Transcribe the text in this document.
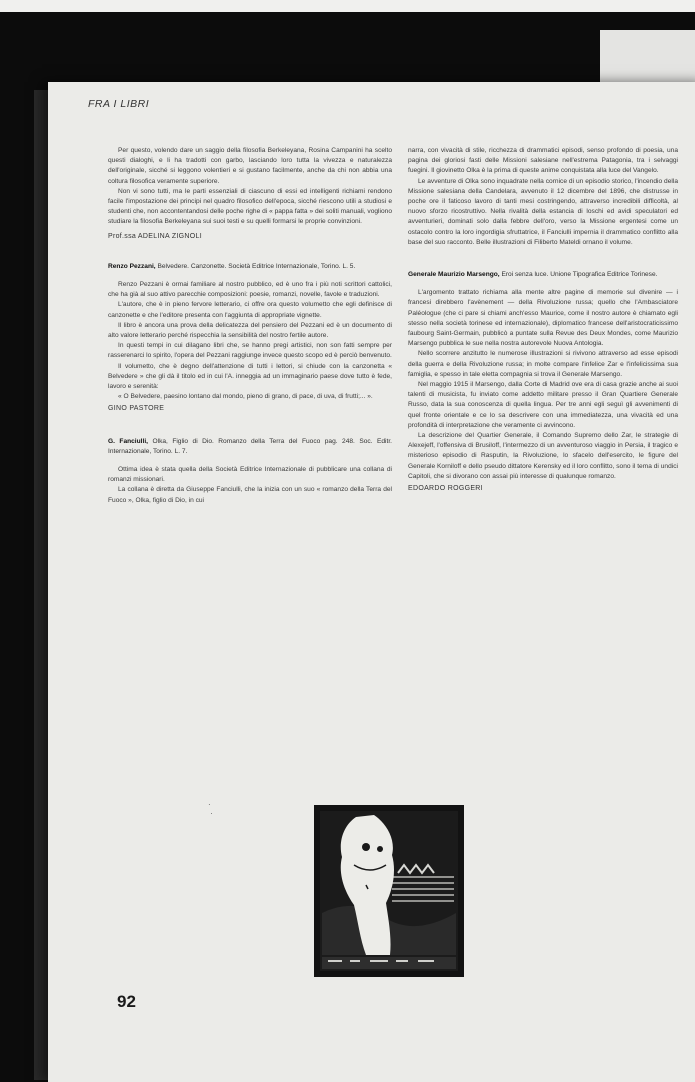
FRA I LIBRI

Per questo, volendo dare un saggio della filosofia Berkeleyana, Rosina Campanini ha scelto questi dialoghi, e li ha tradotti con garbo, lasciando loro tutta la vivezza e naturalezza dell'originale, sicché si leggono volentieri e si gustano facilmente, anche da chi non abbia una coltura filosofica veramente superiore.

Non vi sono tutti, ma le parti essenziali di ciascuno di essi ed intelligenti richiami rendono facile l'impostazione dei principi nel quadro filosofico dell'epoca, sicché riescono utili a studiosi e studenti che, non accontentandosi delle poche righe di « pappa fatta » dei soliti manuali, vogliono studiare la filosofia Berkeleyana sui suoi testi e su quelli formarsi le proprie convinzioni.

Prof.ssa ADELINA ZIGNOLI

Renzo Pezzani, Belvedere. Canzonette. Società Editrice Internazionale, Torino. L. 5.

Renzo Pezzani è ormai familiare al nostro pubblico, ed è uno fra i più noti scrittori cattolici, che ha già al suo attivo parecchie composizioni: poesie, romanzi, novelle, favole e traduzioni.

L'autore, che è in pieno fervore letterario, ci offre ora questo volumetto che egli definisce di canzonette e che l'editore presenta con l'aggiunta di appropriate vignette.

Il libro è ancora una prova della delicatezza del pensiero del Pezzani ed è un documento di alto valore letterario perché rispecchia la sensibilità del nostro fertile autore.

In questi tempi in cui dilagano libri che, se hanno pregi artistici, non son fatti sempre per rasserenarci lo spirito, l'opera del Pezzani raggiunge invece questo scopo ed è perciò benvenuto.

Il volumetto, che è degno dell'attenzione di tutti i lettori, si chiude con la canzonetta « Belvedere » che gli dà il titolo ed in cui l'A. inneggia ad un immaginario paese dove tutto è fede, lavoro e serenità:

« O Belvedere, paesino lontano dal mondo, pieno di grano, di pace, di uva, di frutti;... ».

GINO PASTORE

G. Fanciulli, Olka, Figlio di Dio. Romanzo della Terra del Fuoco pag. 248. Soc. Editr. Internazionale, Torino. L. 7.

Ottima idea è stata quella della Società Editrice Internazionale di pubblicare una collana di romanzi missionari.

La collana è diretta da Giuseppe Fanciulli, che la inizia con un suo « romanzo della Terra del Fuoco », Olka, figlio di Dio, in cui

narra, con vivacità di stile, ricchezza di drammatici episodi, senso profondo di poesia, una pagina dei gloriosi fasti delle Missioni salesiane nell'estrema Patagonia, tra i selvaggi fuegini. Il giovinetto Olka è la prima di queste anime conquistata alla luce del Vangelo.

Le avventure di Olka sono inquadrate nella cornice di un episodio storico, l'incendio della Missione salesiana della Candelara, avvenuto il 12 dicembre del 1896, che distrusse in poche ore il faticoso lavoro di tanti mesi costringendo, attraverso incredibili difficoltà, al nuovo sforzo ricostruttivo. Nella rivalità della estancia di loschi ed avidi speculatori ed avventurieri, dominati solo dalla febbre dell'oro, verso la Missione ergentesi come un ostacolo contro la loro ingordigia sfruttatrice, il Fanciulli impernia il drammatico conflitto alla base del suo racconto. Belle illustrazioni di Filiberto Mateldi ornano il volume.

Generale Maurizio Marsengo, Eroi senza luce. Unione Tipografica Editrice Torinese.

L'argomento trattato richiama alla mente altre pagine di memorie sul divenire — i francesi direbbero l'avènement — della Rivoluzione russa; quello che l'Ambasciatore Paléologue (che ci pare si chiami anch'esso Maurice, come il nostro autore è chiamato egli stesso nella società torinese ed internazionale), diplomatico francese dell'aristocraticissimo faubourg Saint-Germain, pubblicò a puntate sulla Revue des Deux Mondes, come Maurizio Marsengo pubblica le sue nella nostra autorevole Nuova Antologia.

Nello scorrere anzitutto le numerose illustrazioni si rivivono attraverso ad esse episodi della guerra e della Rivoluzione russa; in molte compare l'infelice Zar e l'infelicissima sua famiglia, e spesso in tale eletta compagnia si trova il Generale Marsengo.

Nel maggio 1915 il Marsengo, dalla Corte di Madrid ove era di casa grazie anche ai suoi talenti di musicista, fu inviato come addetto militare presso il Gran Quartiere Generale Russo, data la sua conoscenza di quella lingua. Per tre anni egli seguì gli avvenimenti di quel fronte orientale e ce lo sa descrivere con una immediatezza, una vivacità ed una profondità di interpretazione che veramente ci avvincono.

La descrizione del Quartier Generale, il Comando Supremo dello Zar, le strategie di Alexejeff, l'offensiva di Brusiloff, l'intermezzo di un avventuroso viaggio in Persia, il tragico e misterioso episodio di Rasputin, la Rivoluzione, lo sfacelo dell'esercito, le figure del Generale Korniloff e dello pseudo dittatore Kerensky ed il loro conflitto, sono il tema di undici Capitoli, che si divorano con assai più interesse di qualunque romanzo.

EDOARDO ROGGERI

·
·
92
